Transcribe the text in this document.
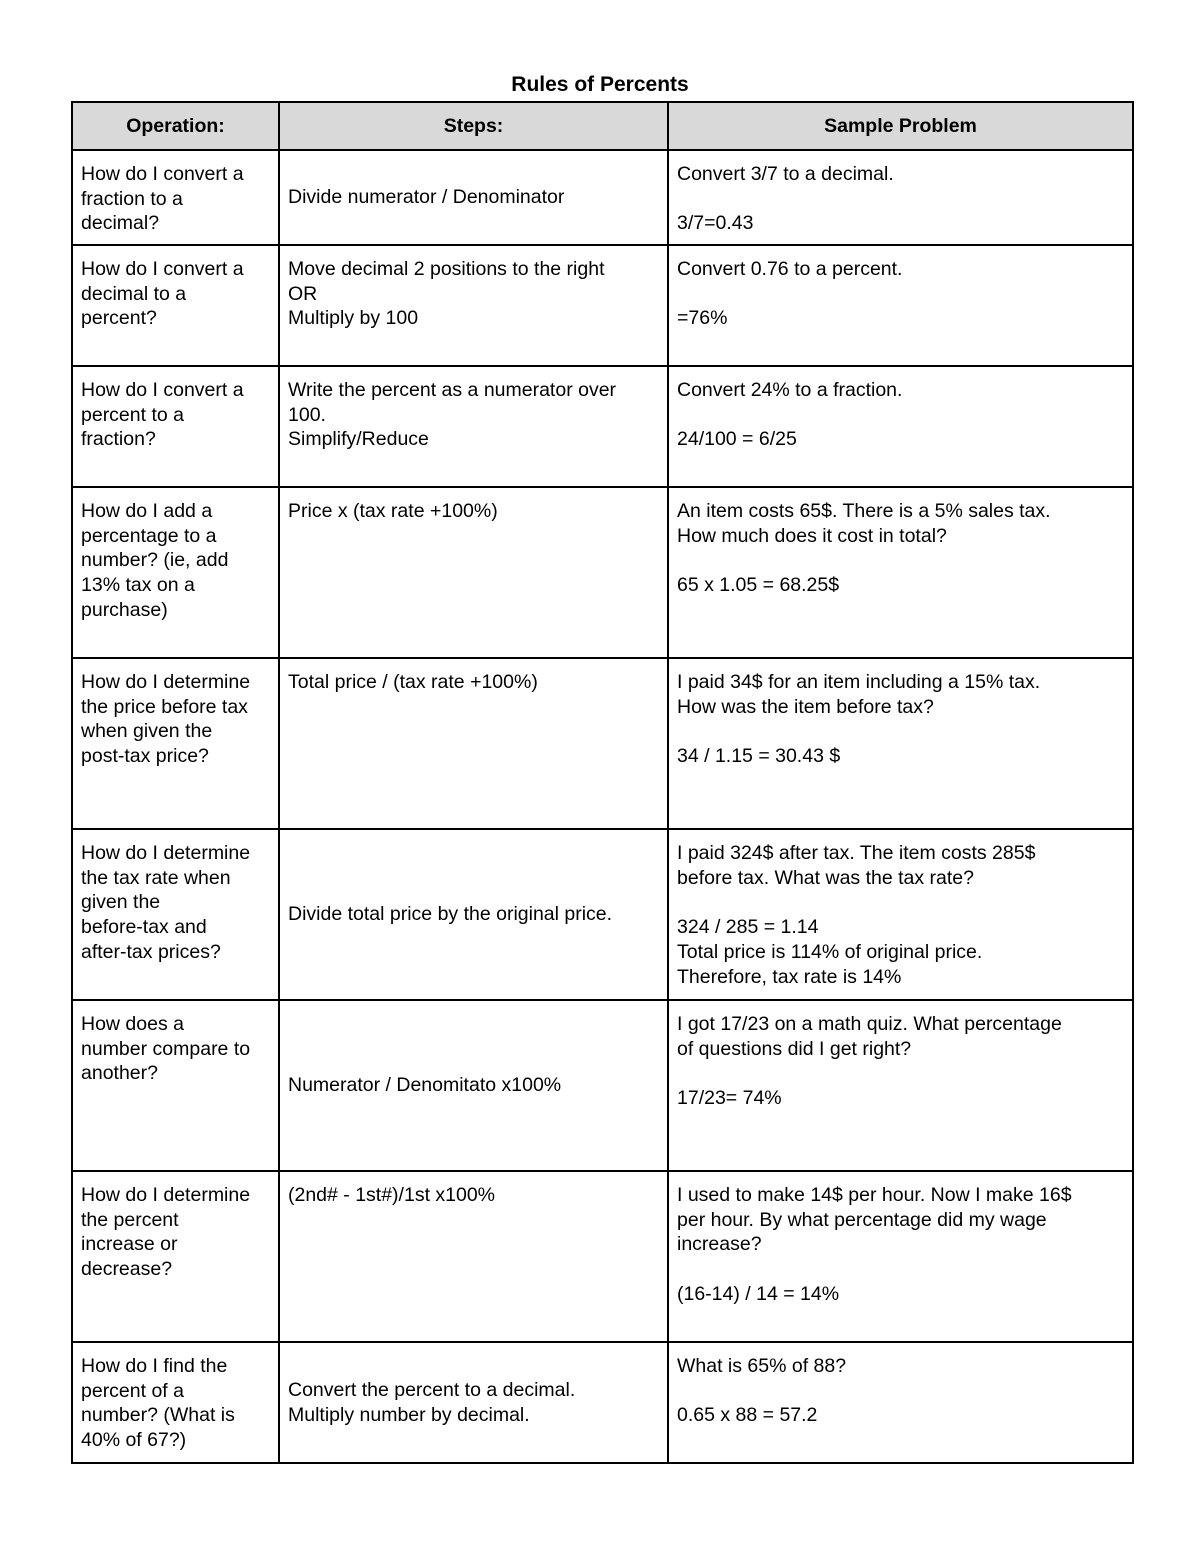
Rules of Percents
Operation:	Steps:	Sample Problem
How do I convert a
fraction to a
decimal?	Divide numerator / Denominator	Convert 3/7 to a decimal.
3/7=0.43

How do I convert a
decimal to a
percent?	Move decimal 2 positions to the right
OR
Multiply by 100	Convert 0.76 to a percent.
=76%

How do I convert a
percent to a
fraction?	Write the percent as a numerator over
100.
Simplify/Reduce	Convert 24% to a fraction.
24/100 = 6/25

How do I add a
percentage to a
number? (ie, add
13% tax on a
purchase)	Price x (tax rate +100%)	An item costs 65$. There is a 5% sales tax.
How much does it cost in total?
65 x 1.05 = 68.25$

How do I determine
the price before tax
when given the
post-tax price?	Total price / (tax rate +100%)	I paid 34$ for an item including a 15% tax.
How was the item before tax?
34 / 1.15 = 30.43 $

How do I determine
the tax rate when
given the
before-tax and
after-tax prices?	Divide total price by the original price.	I paid 324$ after tax. The item costs 285$
before tax. What was the tax rate?
324 / 285 = 1.14
Total price is 114% of original price.
Therefore, tax rate is 14%

How does a
number compare to
another?	Numerator / Denomitato x100%	I got 17/23 on a math quiz. What percentage
of questions did I get right?
17/23= 74%

How do I determine
the percent
increase or
decrease?	(2nd# - 1st#)/1st x100%	I used to make 14$ per hour. Now I make 16$
per hour. By what percentage did my wage
increase?
(16-14) / 14 = 14%

How do I find the
percent of a
number? (What is
40% of 67?)	Convert the percent to a decimal.
Multiply number by decimal.	What is 65% of 88?
0.65 x 88 = 57.2
